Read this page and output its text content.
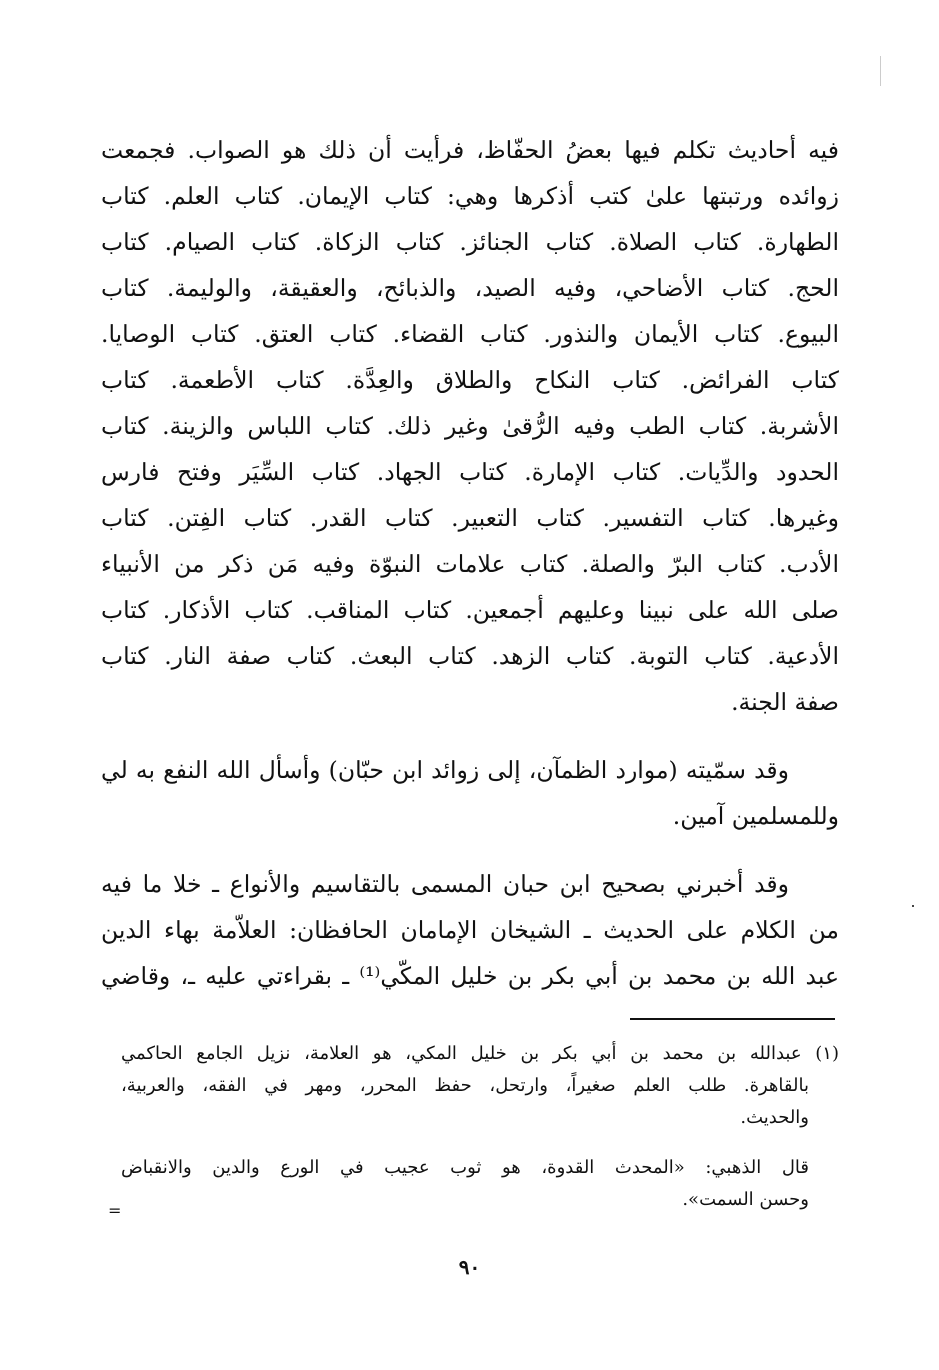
فيه أحاديث تكلم فيها بعضُ الحفّاظ، فرأيت أن ذلك هو الصواب. فجمعت
زوائده ورتبتها علىٰ كتب أذكرها وهي: كتاب الإيمان. كتاب العلم. كتاب
الطهارة. كتاب الصلاة. كتاب الجنائز. كتاب الزكاة. كتاب الصيام. كتاب
الحج. كتاب الأضاحي، وفيه الصيد، والذبائح، والعقيقة، والوليمة. كتاب
البيوع. كتاب الأيمان والنذور. كتاب القضاء. كتاب العتق. كتاب الوصايا.
كتاب الفرائض. كتاب النكاح والطلاق والعِدَّة. كتاب الأطعمة. كتاب
الأشربة. كتاب الطب وفيه الرُّقىٰ وغير ذلك. كتاب اللباس والزينة. كتاب
الحدود والدِّيات. كتاب الإمارة. كتاب الجهاد. كتاب السِّيَر وفتح فارس
وغيرها. كتاب التفسير. كتاب التعبير. كتاب القدر. كتاب الفِتن. كتاب
الأدب. كتاب البرّ والصلة. كتاب علامات النبوّة وفيه مَن ذكر من الأنبياء
صلى الله على نبينا وعليهم أجمعين. كتاب المناقب. كتاب الأذكار. كتاب
الأدعية. كتاب التوبة. كتاب الزهد. كتاب البعث. كتاب صفة النار. كتاب
صفة الجنة.
وقد سمّيته (موارد الظمآن، إلى زوائد ابن حبّان) وأسأل الله النفع به لي
وللمسلمين آمين.
وقد أخبرني بصحيح ابن حبان المسمى بالتقاسيم والأنواع ـ خلا ما فيه
من الكلام على الحديث ـ الشيخان الإمامان الحافظان: العلاّمة بهاء الدين
عبد الله بن محمد بن أبي بكر بن خليل المكّي⁽¹⁾ ـ بقراءتي عليه ـ، وقاضي
(١) عبدالله بن محمد بن أبي بكر بن خليل المكي، هو العلامة، نزيل الجامع الحاكمي
بالقاهرة. طلب العلم صغيراً، وارتحل، حفظ المحرر، ومهر في الفقه، والعربية،
والحديث.
قال الذهبي: «المحدث القدوة، هو ثوب عجيب في الورع والدين والانقباض
وحسن السمت».
=
٩٠
